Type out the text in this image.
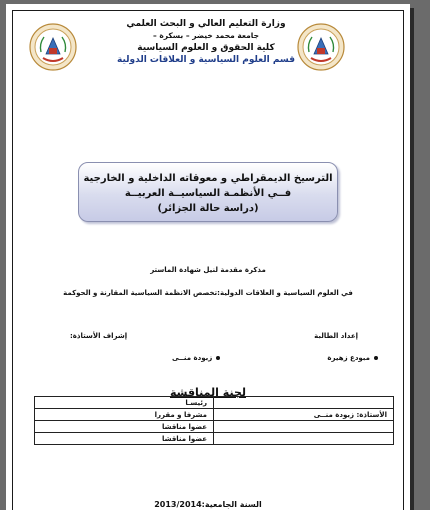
وزارة التعليم العالي و البحث العلمي
جامعة محمد خيضر – بسكرة –
كلية الحقوق و العلوم السياسية
قسم العلوم السياسية و العلاقات الدولية
الترسيخ الديمقراطي و معوقاته الداخلية و الخارجية
فــي الأنظمـة السياسيــة العربيــة
(دراسة حالة الجزائر)
مذكرة مقدمة لنيل شهادة الماستر
في العلوم السياسية و العلاقات الدولية:تخصص الانظمة السياسية المقارنة و الحوكمة
إعداد الطالبة
إشراف الأستاذة:
مبودع زهيرة
زبودة منــى
لجنة المناقشة
	رئيسـا
الأستاذة: زبودة منــى	مشرفا و مقررا
	عضوا مناقشا
	عضوا مناقشا
السنة الجامعية:2013/2014
